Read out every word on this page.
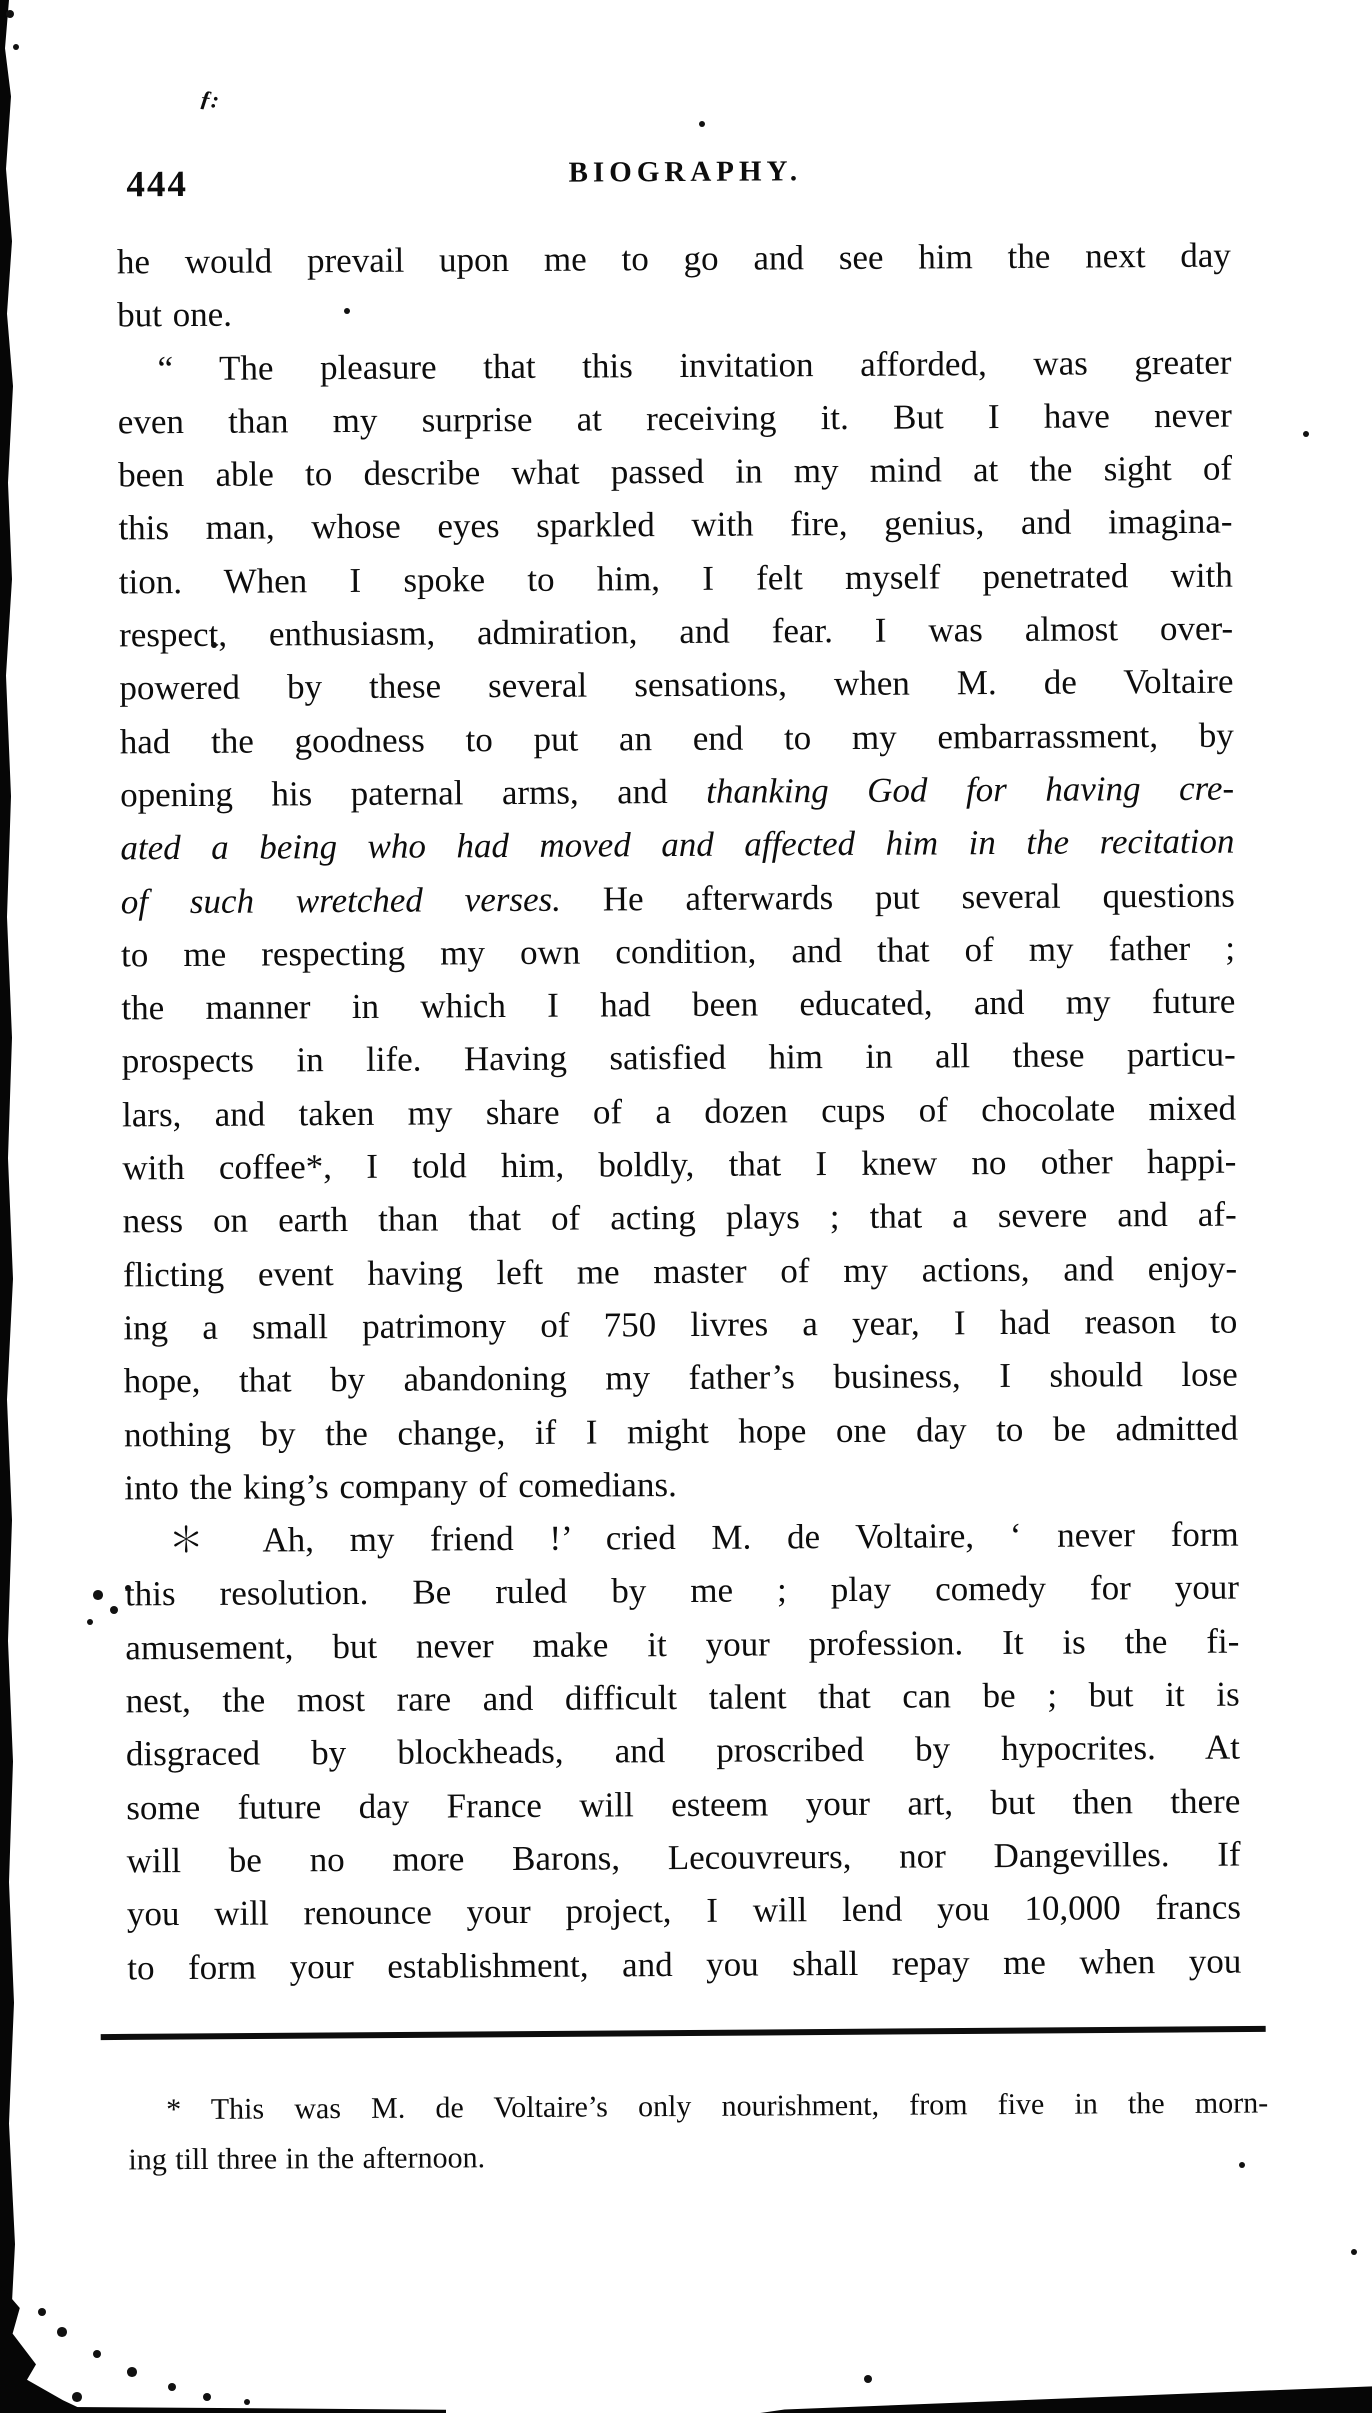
ƒ:
444	BIOGRAPHY.
he would prevail upon me to go and see him the next day
but one.
“ The pleasure that this invitation afforded, was greater
even than my surprise at receiving it. But I have never
been able to describe what passed in my mind at the sight of
this man, whose eyes sparkled with fire, genius, and imagina-
tion. When I spoke to him, I felt myself penetrated with
respect, enthusiasm, admiration, and fear. I was almost over-
powered by these several sensations, when M. de Voltaire
had the goodness to put an end to my embarrassment, by
opening his paternal arms, and thanking God for having cre-
ated a being who had moved and affected him in the recitation
of such wretched verses. He afterwards put several questions
to me respecting my own condition, and that of my father ;
the manner in which I had been educated, and my future
prospects in life. Having satisfied him in all these particu-
lars, and taken my share of a dozen cups of chocolate mixed
with coffee*, I told him, boldly, that I knew no other happi-
ness on earth than that of acting plays ; that a severe and af-
flicting event having left me master of my actions, and enjoy-
ing a small patrimony of 750 livres a year, I had reason to
hope, that by abandoning my father’s business, I should lose
nothing by the change, if I might hope one day to be admitted
into the king’s company of comedians.
＊ Ah, my friend !’ cried M. de Voltaire, ‘ never form
this resolution. Be ruled by me ; play comedy for your
amusement, but never make it your profession. It is the fi-
nest, the most rare and difficult talent that can be ; but it is
disgraced by blockheads, and proscribed by hypocrites. At
some future day France will esteem your art, but then there
will be no more Barons, Lecouvreurs, nor Dangevilles. If
you will renounce your project, I will lend you 10,000 francs
to form your establishment, and you shall repay me when you
* This was M. de Voltaire’s only nourishment, from five in the morn-
ing till three in the afternoon.
